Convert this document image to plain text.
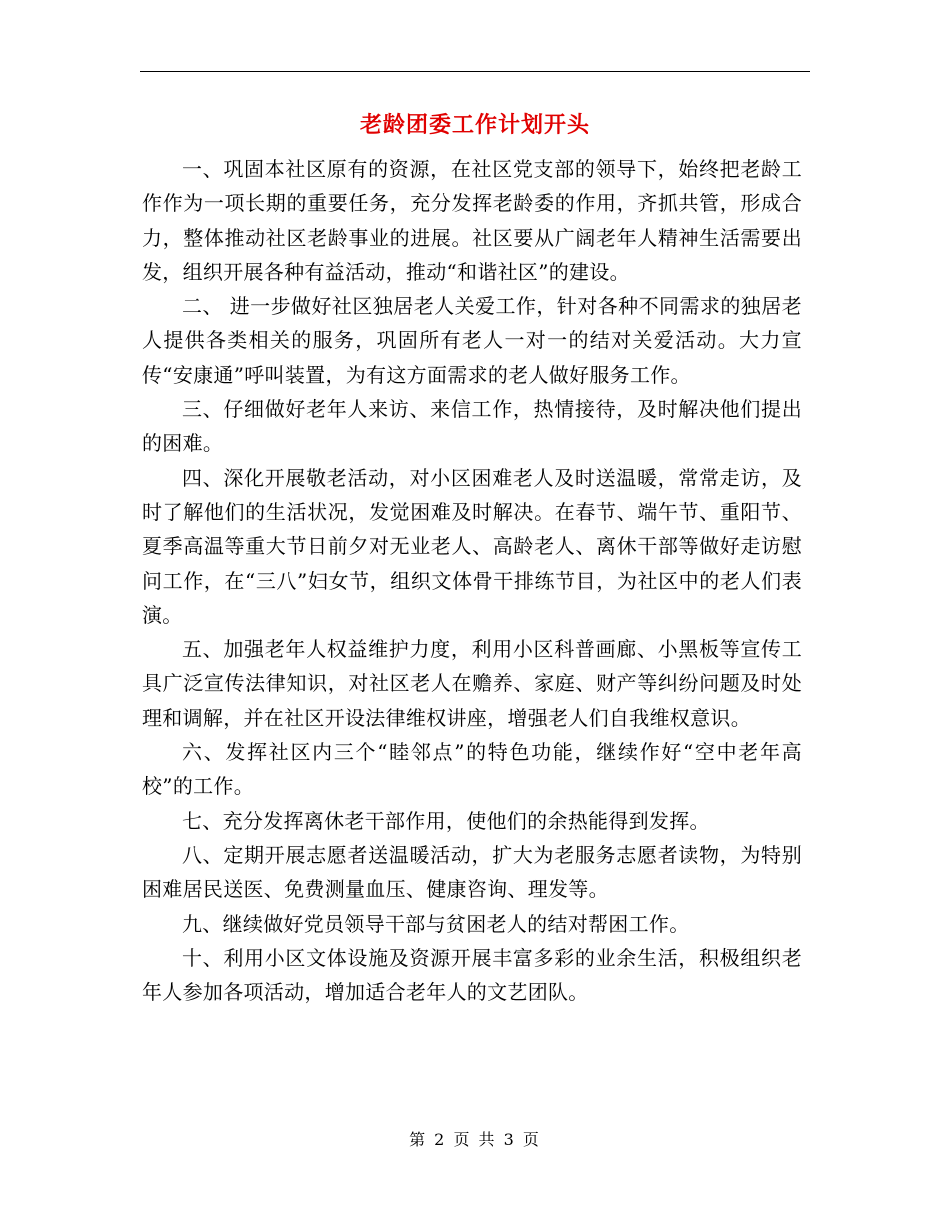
老龄团委工作计划开头

一、巩固本社区原有的资源，在社区党支部的领导下，始终把老龄工作作为一项长期的重要任务，充分发挥老龄委的作用，齐抓共管，形成合力，整体推动社区老龄事业的进展。社区要从广阔老年人精神生活需要出发，组织开展各种有益活动，推动“和谐社区”的建设。

二、 进一步做好社区独居老人关爱工作，针对各种不同需求的独居老人提供各类相关的服务，巩固所有老人一对一的结对关爱活动。大力宣传“安康通”呼叫装置，为有这方面需求的老人做好服务工作。

三、仔细做好老年人来访、来信工作，热情接待，及时解决他们提出的困难。

四、深化开展敬老活动，对小区困难老人及时送温暖，常常走访，及时了解他们的生活状况，发觉困难及时解决。在春节、端午节、重阳节、夏季高温等重大节日前夕对无业老人、高龄老人、离休干部等做好走访慰问工作，在“三八”妇女节，组织文体骨干排练节目，为社区中的老人们表演。

五、加强老年人权益维护力度，利用小区科普画廊、小黑板等宣传工具广泛宣传法律知识，对社区老人在赡养、家庭、财产等纠纷问题及时处理和调解，并在社区开设法律维权讲座，增强老人们自我维权意识。

六、发挥社区内三个“睦邻点”的特色功能，继续作好“空中老年高校”的工作。

七、充分发挥离休老干部作用，使他们的余热能得到发挥。

八、定期开展志愿者送温暖活动，扩大为老服务志愿者读物，为特别困难居民送医、免费测量血压、健康咨询、理发等。

九、继续做好党员领导干部与贫困老人的结对帮困工作。

十、利用小区文体设施及资源开展丰富多彩的业余生活，积极组织老年人参加各项活动，增加适合老年人的文艺团队。

第 2 页 共 3 页
